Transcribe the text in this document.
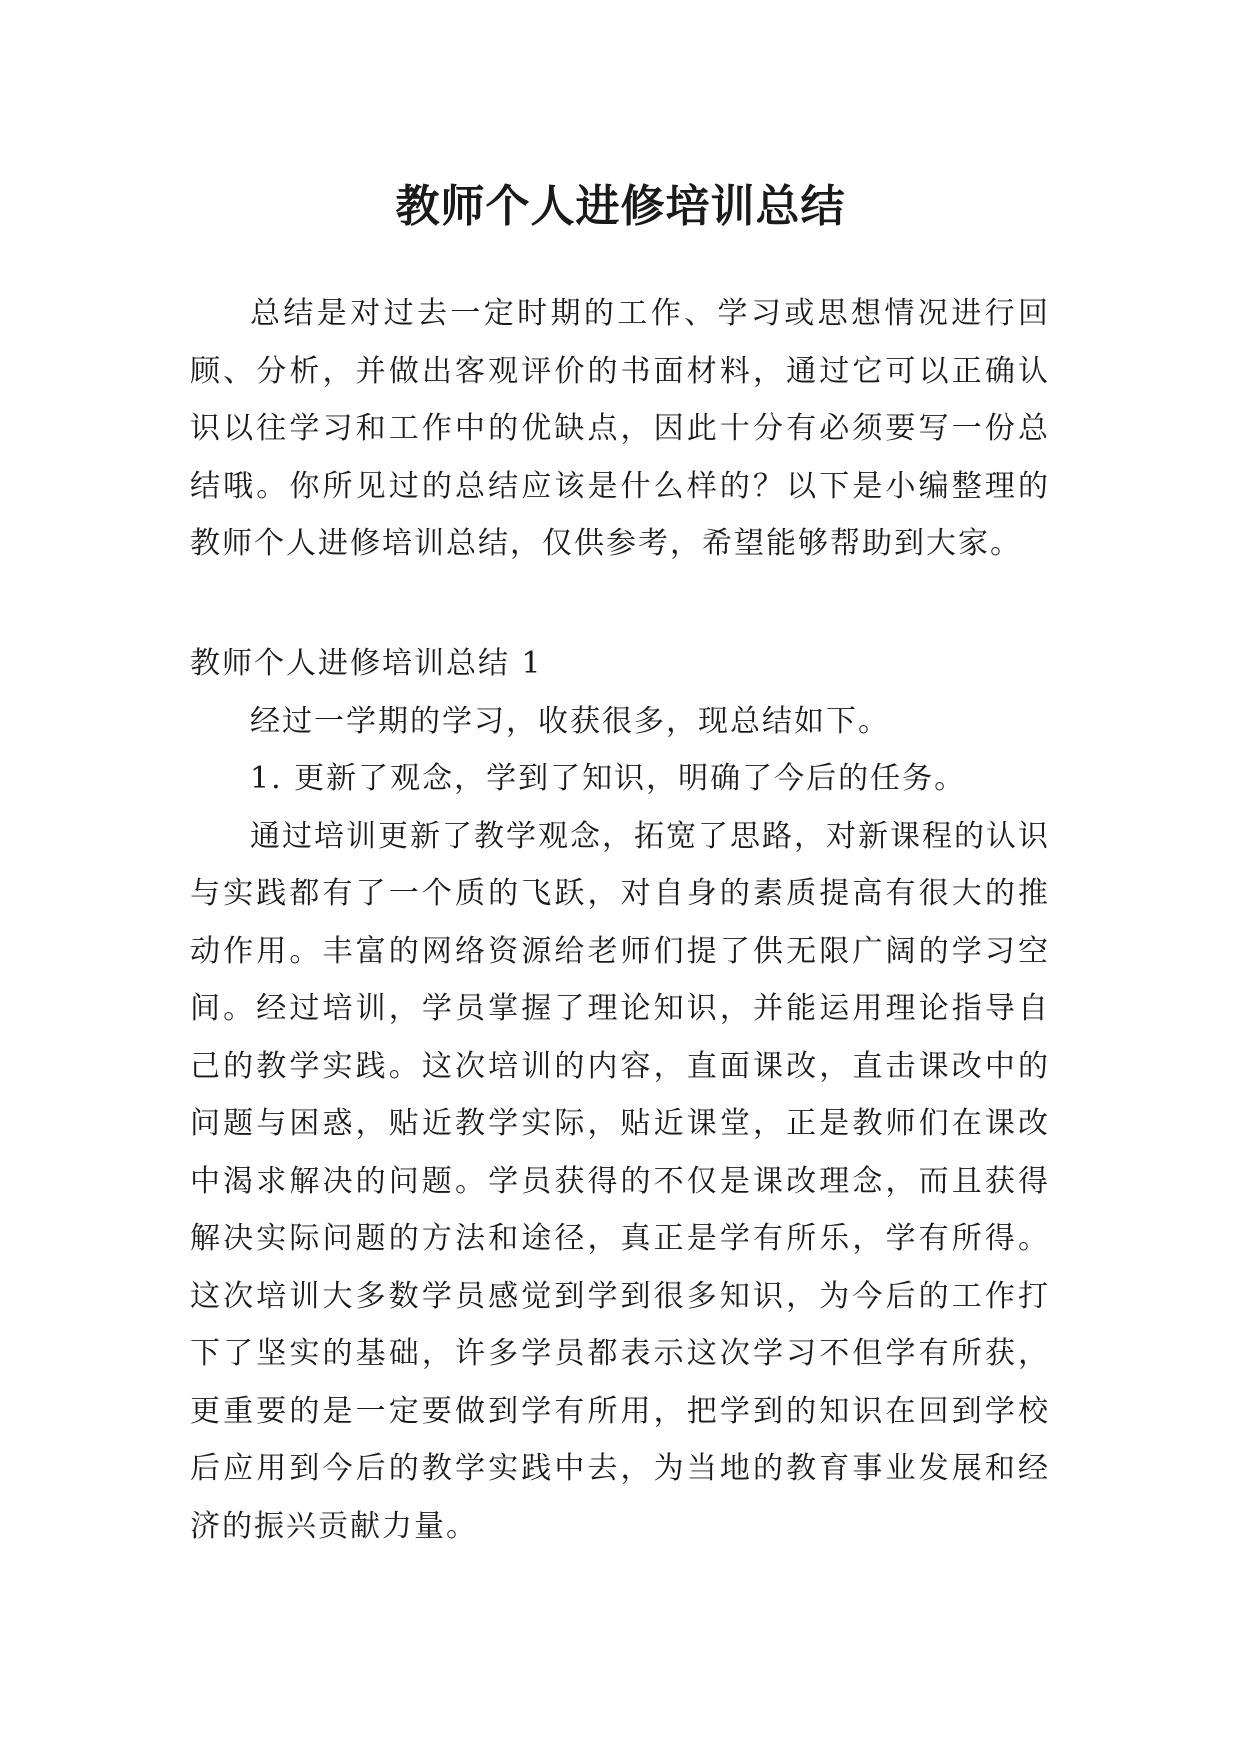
教师个人进修培训总结

总结是对过去一定时期的工作、学习或思想情况进行回顾、分析，并做出客观评价的书面材料，通过它可以正确认识以往学习和工作中的优缺点，因此十分有必须要写一份总结哦。你所见过的总结应该是什么样的？以下是小编整理的教师个人进修培训总结，仅供参考，希望能够帮助到大家。

教师个人进修培训总结 1

经过一学期的学习，收获很多，现总结如下。

1. 更新了观念，学到了知识，明确了今后的任务。

通过培训更新了教学观念，拓宽了思路，对新课程的认识与实践都有了一个质的飞跃，对自身的素质提高有很大的推动作用。丰富的网络资源给老师们提了供无限广阔的学习空间。经过培训，学员掌握了理论知识，并能运用理论指导自己的教学实践。这次培训的内容，直面课改，直击课改中的问题与困惑，贴近教学实际，贴近课堂，正是教师们在课改中渴求解决的问题。学员获得的不仅是课改理念，而且获得解决实际问题的方法和途径，真正是学有所乐，学有所得。这次培训大多数学员感觉到学到很多知识，为今后的工作打下了坚实的基础，许多学员都表示这次学习不但学有所获，更重要的是一定要做到学有所用，把学到的知识在回到学校后应用到今后的教学实践中去，为当地的教育事业发展和经济的振兴贡献力量。
